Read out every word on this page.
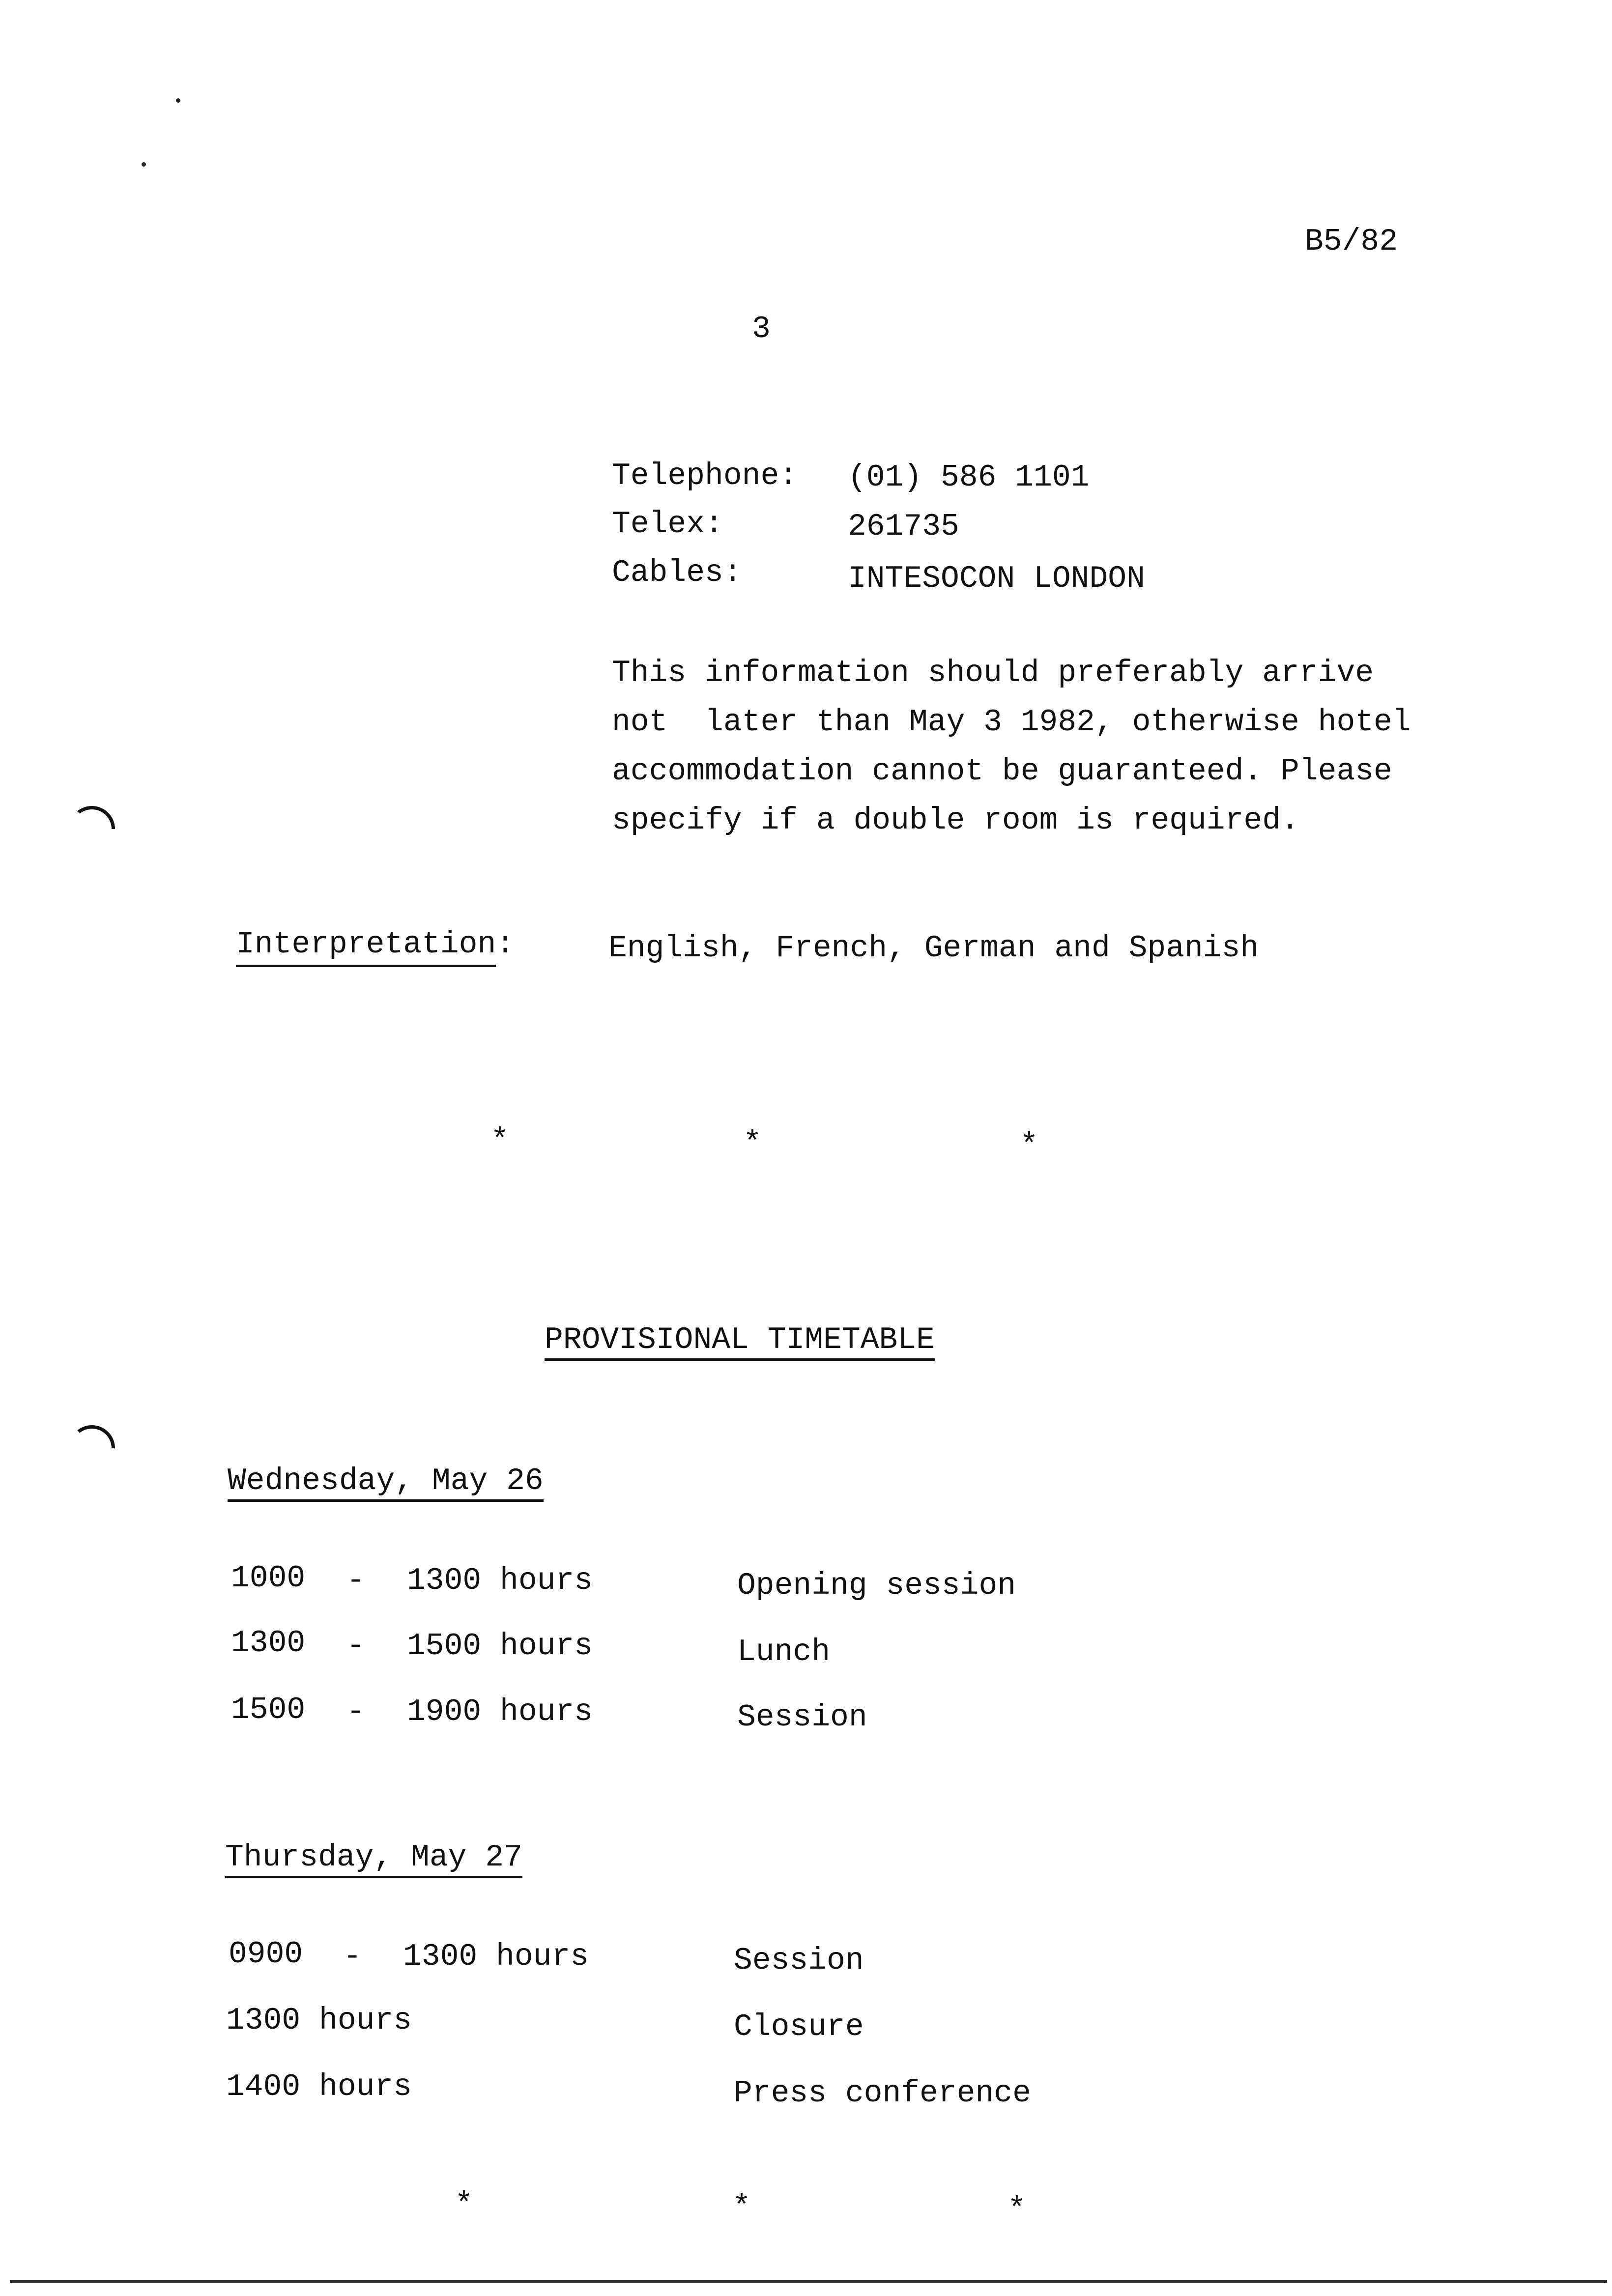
B5/82
3
Telephone: (01) 586 1101
Telex:	261735
Cables:	INTESOCON LONDON
This information should preferably arrive
not  later than May 3 1982, otherwise hotel
accommodation cannot be guaranteed. Please
specify if a double room is required.
Interpretation:	English, French, German and Spanish
*	*	*
PROVISIONAL TIMETABLE
Wednesday, May 26
1000 - 1300 hours	Opening session
1300 - 1500 hours	Lunch
1500 - 1900 hours	Session
Thursday, May 27
0900 - 1300 hours	Session
1300 hours	Closure
1400 hours	Press conference
*	*	*
